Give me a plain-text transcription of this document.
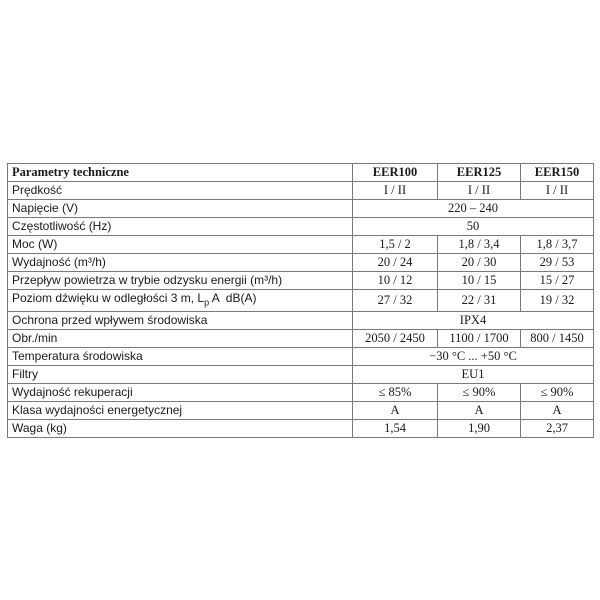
Parametry techniczne	EER100	EER125	EER150
Prędkość	I / II	I / II	I / II
Napięcie (V)	220 – 240		
Częstotliwość (Hz)	50		
Moc (W)	1,5 / 2	1,8 / 3,4	1,8 / 3,7
Wydajność (m³/h)	20 / 24	20 / 30	29 / 53
Przepływ powietrza w trybie odzysku energii (m³/h)	10 / 12	10 / 15	15 / 27
Poziom dźwięku w odległości 3 m, $L_p$ A  dB(A)	27 / 32	22 / 31	19 / 32
Ochrona przed wpływem środowiska	IPX4		
Obr./min	2050 / 2450	1100 / 1700	800 / 1450
Temperatura środowiska	−30 °C ... +50 °C		
Filtry	EU1		
Wydajność rekuperacji	≤ 85%	≤ 90%	≤ 90%
Klasa wydajności energetycznej	A	A	A
Waga (kg)	1,54	1,90	2,37
